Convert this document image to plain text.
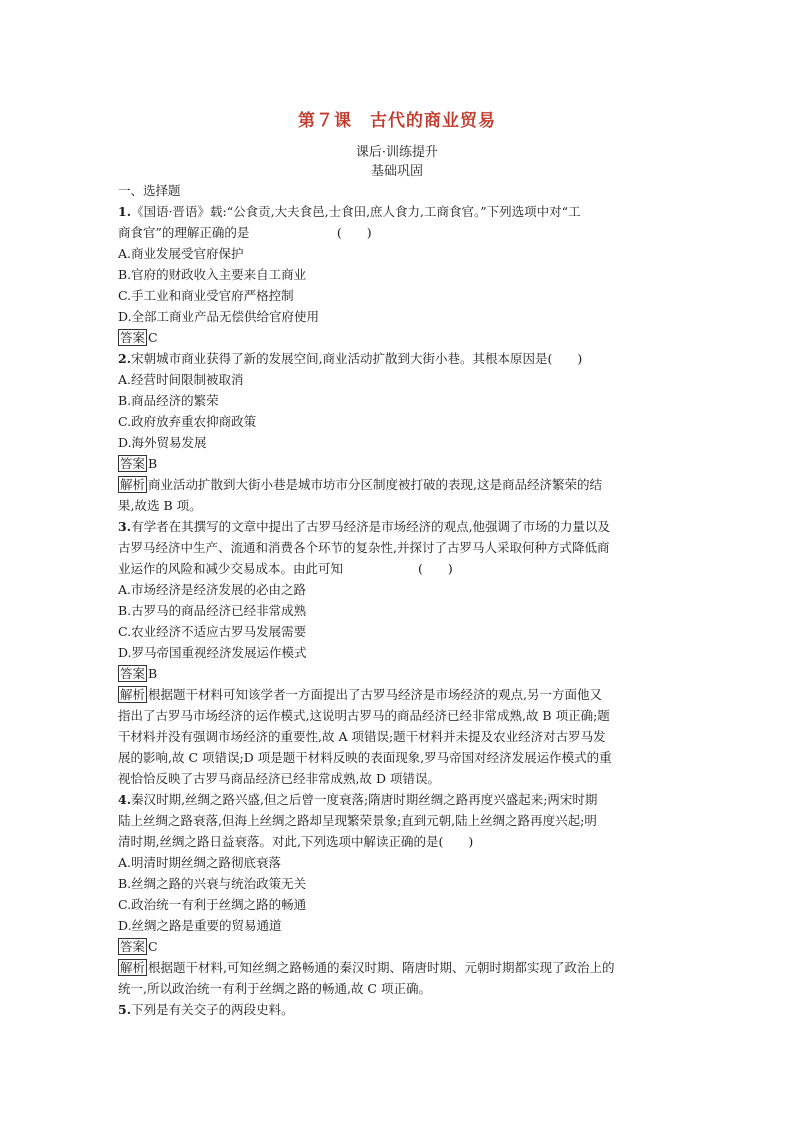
第７课　古代的商业贸易
课后·训练提升
基础巩固
一、选择题
1.《国语·晋语》载:“公食贡,大夫食邑,士食田,庶人食力,工商食官。”下列选项中对“工
商食官”的理解正确的是　　　　　　　(　　)
A.商业发展受官府保护
B.官府的财政收入主要来自工商业
C.手工业和商业受官府严格控制
D.全部工商业产品无偿供给官府使用
答案 C
2.宋朝城市商业获得了新的发展空间,商业活动扩散到大街小巷。其根本原因是(　　)
A.经营时间限制被取消
B.商品经济的繁荣
C.政府放弃重农抑商政策
D.海外贸易发展
答案 B
解析 商业活动扩散到大街小巷是城市坊市分区制度被打破的表现,这是商品经济繁荣的结
果,故选 B 项。
3.有学者在其撰写的文章中提出了古罗马经济是市场经济的观点,他强调了市场的力量以及
古罗马经济中生产、流通和消费各个环节的复杂性,并探讨了古罗马人采取何种方式降低商
业运作的风险和减少交易成本。由此可知　　　　　　(　　)
A.市场经济是经济发展的必由之路
B.古罗马的商品经济已经非常成熟
C.农业经济不适应古罗马发展需要
D.罗马帝国重视经济发展运作模式
答案 B
解析 根据题干材料可知该学者一方面提出了古罗马经济是市场经济的观点,另一方面他又
指出了古罗马市场经济的运作模式,这说明古罗马的商品经济已经非常成熟,故 B 项正确;题
干材料并没有强调市场经济的重要性,故 A 项错误;题干材料并未提及农业经济对古罗马发
展的影响,故 C 项错误;D 项是题干材料反映的表面现象,罗马帝国对经济发展运作模式的重
视恰恰反映了古罗马商品经济已经非常成熟,故 D 项错误。
4.秦汉时期,丝绸之路兴盛,但之后曾一度衰落;隋唐时期丝绸之路再度兴盛起来;两宋时期
陆上丝绸之路衰落,但海上丝绸之路却呈现繁荣景象;直到元朝,陆上丝绸之路再度兴起;明
清时期,丝绸之路日益衰落。对此,下列选项中解读正确的是(　　)
A.明清时期丝绸之路彻底衰落
B.丝绸之路的兴衰与统治政策无关
C.政治统一有利于丝绸之路的畅通
D.丝绸之路是重要的贸易通道
答案 C
解析 根据题干材料,可知丝绸之路畅通的秦汉时期、隋唐时期、元朝时期都实现了政治上的
统一,所以政治统一有利于丝绸之路的畅通,故 C 项正确。
5.下列是有关交子的两段史料。
